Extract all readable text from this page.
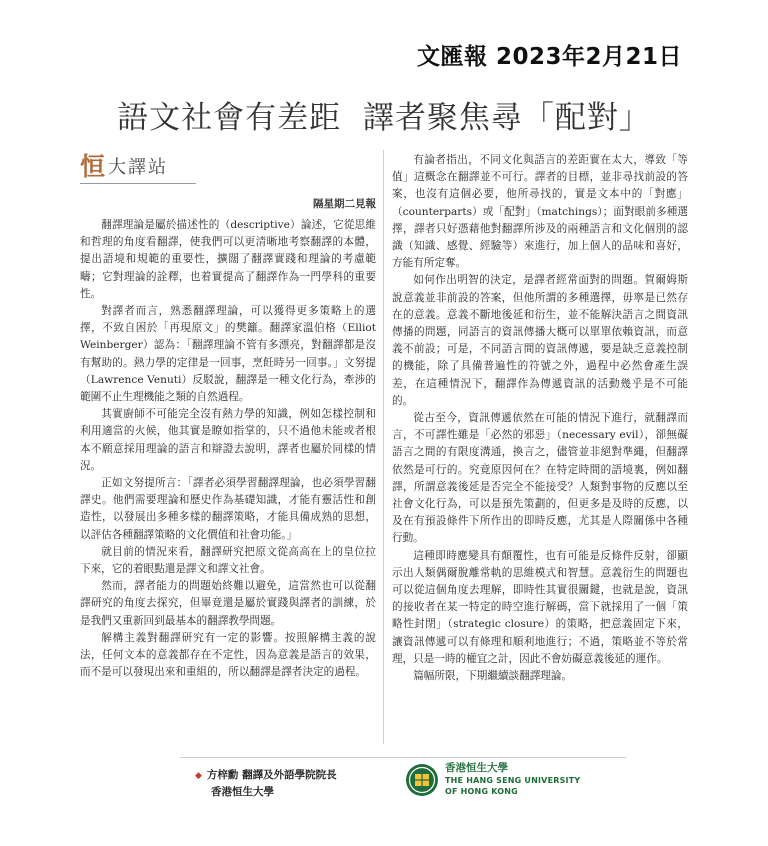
文匯報 2023年2月21日
語文社會有差距  譯者聚焦尋「配對」
恒 大譯站
隔星期二見報

翻譯理論是屬於描述性的（descriptive）論述，它從思維和哲理的角度看翻譯，使我們可以更清晰地考察翻譯的本體，提出語境和規範的重要性，擴闊了翻譯實踐和理論的考慮範疇；它對理論的詮釋，也着實提高了翻譯作為一門學科的重要性。

對譯者而言，熟悉翻譯理論，可以獲得更多策略上的選擇，不致自困於「再現原文」的樊籬。翻譯家溫伯格（Elliot Weinberger）認為：「翻譯理論不管有多漂亮，對翻譯都是沒有幫助的。熱力學的定律是一回事，烹飪時另一回事。」文努提（Lawrence Venuti）反駁說，翻譯是一種文化行為，牽涉的範圍不止生理機能之類的自然過程。

其實廚師不可能完全沒有熱力學的知識，例如怎樣控制和利用適當的火候，他其實是瞭如指掌的，只不過他未能或者根本不願意採用理論的語言和辯證去說明，譯者也屬於同樣的情況。

正如文努提所言：「譯者必須學習翻譯理論，也必須學習翻譯史。他們需要理論和歷史作為基礎知識，才能有靈活性和創造性，以發展出多種多樣的翻譯策略，才能具備成熟的思想，以評估各種翻譯策略的文化價值和社會功能。」

就目前的情況來看，翻譯研究把原文從高高在上的皇位拉下來，它的着眼點還是譯文和譯文社會。

然而，譯者能力的問題始終難以避免，這當然也可以從翻譯研究的角度去探究，但畢竟還是屬於實踐與譯者的訓練，於是我們又重新回到最基本的翻譯教學問題。

解構主義對翻譯研究有一定的影響。按照解構主義的說法，任何文本的意義都存在不定性，因為意義是語言的效果，而不是可以發現出來和重組的，所以翻譯是譯者決定的過程。

有論者指出，不同文化與語言的差距實在太大，導致「等值」這概念在翻譯並不可行。譯者的目標，並非尋找前設的答案，也沒有這個必要，他所尋找的，實是文本中的「對應」（counterparts）或「配對」（matchings）；面對眼前多種選擇，譯者只好憑藉他對翻譯所涉及的兩種語言和文化個別的認識（知識、感覺、經驗等）來進行，加上個人的品味和喜好，方能有所定奪。

如何作出明智的決定，是譯者經常面對的問題。賀爾姆斯說意義並非前設的答案，但他所謂的多種選擇，毋寧是已然存在的意義。意義不斷地後延和衍生，並不能解決語言之間資訊傳播的問題，同語言的資訊傳播大概可以單單依賴資訊，而意義不前設；可是，不同語言間的資訊傳遞，要是缺乏意義控制的機能，除了具備普遍性的符號之外，過程中必然會產生誤差，在這種情況下，翻譯作為傳遞資訊的活動幾乎是不可能的。

從古至今，資訊傳遞依然在可能的情況下進行，就翻譯而言，不可譯性雖是「必然的邪惡」（necessary evil），卻無礙語言之間的有限度溝通，換言之，儘管並非絕對準繩，但翻譯依然是可行的。究竟原因何在？在特定時間的語境裏，例如翻譯，所謂意義後延是否完全不能接受？人類對事物的反應以至社會文化行為，可以是預先策劃的，但更多是及時的反應，以及在有預設條件下所作出的即時反應，尤其是人際關係中各種行動。

這種即時應變具有顛覆性，也有可能是反條件反射，卻顯示出人類偶爾脫離常軌的思維模式和智慧。意義衍生的問題也可以從這個角度去理解，即時性其實很關鍵，也就是說，資訊的接收者在某一特定的時空進行解碼，當下就採用了一個「策略性封閉」（strategic closure）的策略，把意義固定下來，讓資訊傳遞可以有條理和順利地進行；不過，策略並不等於常理，只是一時的權宜之計，因此不會妨礙意義後延的運作。

篇幅所限，下期繼續談翻譯理論。

◆ 方梓勳 翻譯及外語學院院長
香港恒生大學
香港恒生大學
THE HANG SENG UNIVERSITY
OF HONG KONG
